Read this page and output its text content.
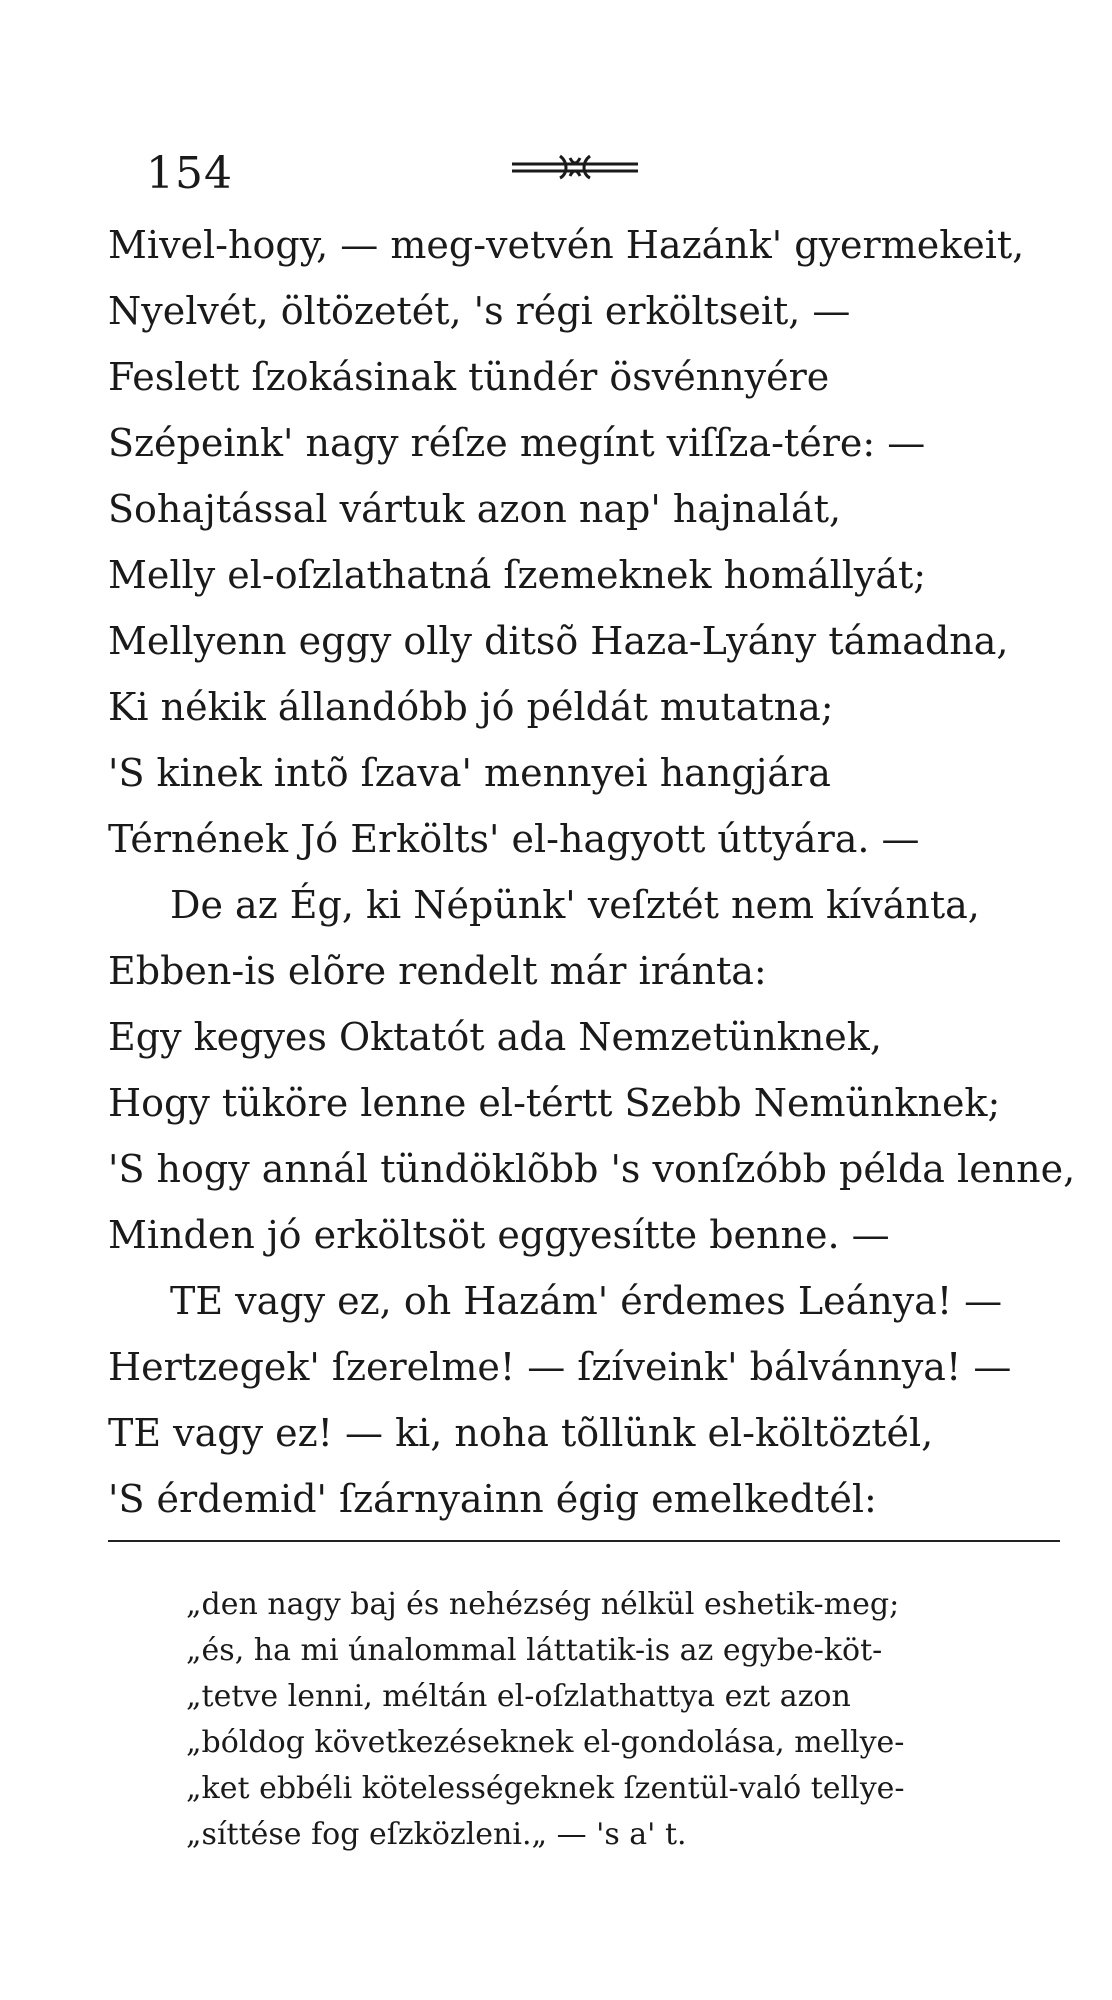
154
Mivel-hogy, — meg-vetvén Hazánk' gyermekeit,
Nyelvét, öltözetét, 's régi erköltseit, —
Feslett ſzokásinak tündér ösvénnyére
Szépeink' nagy réſze megínt viſſza-tére: —
Sohajtással vártuk azon nap' hajnalát,
Melly el-oſzlathatná ſzemeknek homállyát;
Mellyenn eggy olly ditsõ Haza-Lyány támadna,
Ki nékik állandóbb jó példát mutatna;
'S kinek intõ ſzava' mennyei hangjára
Térnének Jó Erkölts' el-hagyott úttyára. —
De az Ég, ki Népünk' veſztét nem kívánta,
Ebben-is elõre rendelt már iránta:
Egy kegyes Oktatót ada Nemzetünknek,
Hogy tüköre lenne el-tértt Szebb Nemünknek;
'S hogy annál tündöklõbb 's vonſzóbb példa lenne,
Minden jó erköltsöt eggyesítte benne. —
TE vagy ez, oh Hazám' érdemes Leánya! —
Hertzegek' ſzerelme! — ſzíveink' bálvánnya! —
TE vagy ez! — ki, noha tõllünk el-költöztél,
'S érdemid' ſzárnyainn égig emelkedtél:
„den nagy baj és nehézség nélkül eshetik-meg;
„és, ha mi únalommal láttatik-is az egybe-köt-
„tetve lenni, méltán el-oſzlathattya ezt azon
„bóldog következéseknek el-gondolása, mellye-
„ket ebbéli kötelességeknek ſzentül-való tellye-
„síttése fog eſzközleni.„ — 's a' t.
